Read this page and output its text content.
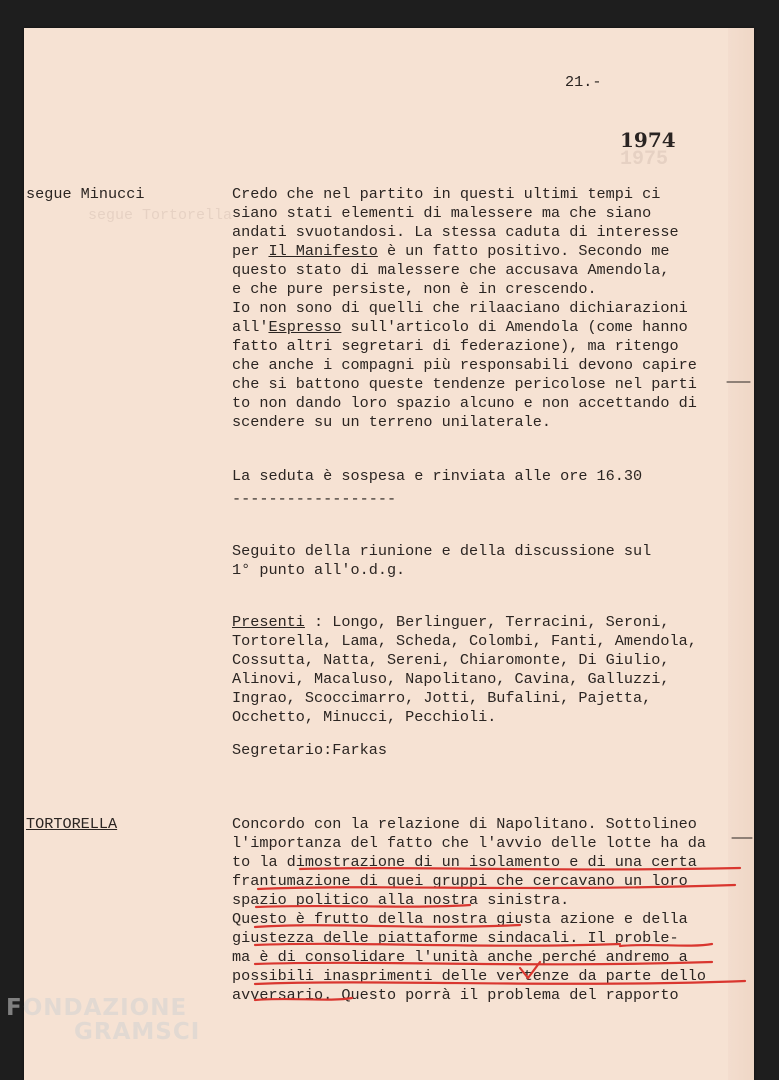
1975
segue Tortorella
21.-
1974
segue Minucci	Credo che nel partito in questi ultimi tempi ci
siano stati elementi di malessere ma che siano
andati svuotandosi. La stessa caduta di interesse
per Il Manifesto è un fatto positivo. Secondo me
questo stato di malessere che accusava Amendola,
e che pure persiste, non è in crescendo.
Io non sono di quelli che rilaaciano dichiarazioni
all'Espresso sull'articolo di Amendola (come hanno
fatto altri segretari di federazione), ma ritengo
che anche i compagni più responsabili devono capire
che si battono queste tendenze pericolose nel parti
to non dando loro spazio alcuno e non accettando di
scendere su un terreno unilaterale.
La seduta è sospesa e rinviata alle ore 16.30
------------------
Seguito della riunione e della discussione sul
1° punto all'o.d.g.
Presenti : Longo, Berlinguer, Terracini, Seroni,
Tortorella, Lama, Scheda, Colombi, Fanti, Amendola,
Cossutta, Natta, Sereni, Chiaromonte, Di Giulio,
Alinovi, Macaluso, Napolitano, Cavina, Galluzzi,
Ingrao, Scoccimarro, Jotti, Bufalini, Pajetta,
Occhetto, Minucci, Pecchioli.
Segretario:Farkas
TORTORELLA	Concordo con la relazione di Napolitano. Sottolineo
l'importanza del fatto che l'avvio delle lotte ha da
to la dimostrazione di un isolamento e di una certa
frantumazione di quei gruppi che cercavano un loro
spazio politico alla nostra sinistra.
Questo è frutto della nostra giusta azione e della
giustezza delle piattaforme sindacali. Il proble-
ma è di consolidare l'unità anche perché andremo a
possibili inasprimenti delle vertenze da parte dello
avversario. Questo porrà il problema del rapporto
FONDAZIONE
GRAMSCI
